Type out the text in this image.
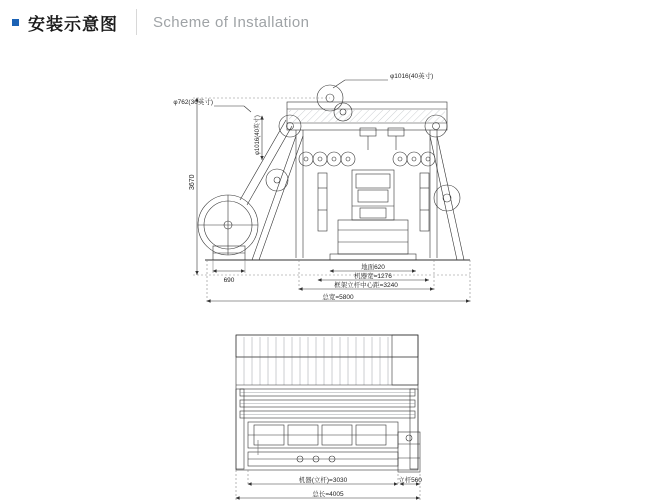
安装示意图 Scheme of Installation
φ1016(40英寸)
φ762(30英寸)
φ1016(40英寸)
3670
690
地面620
机器宽=1276
框架立杆中心距=3240
总宽=5800
机器(立杆)=3030	立杆560
总长=4005
